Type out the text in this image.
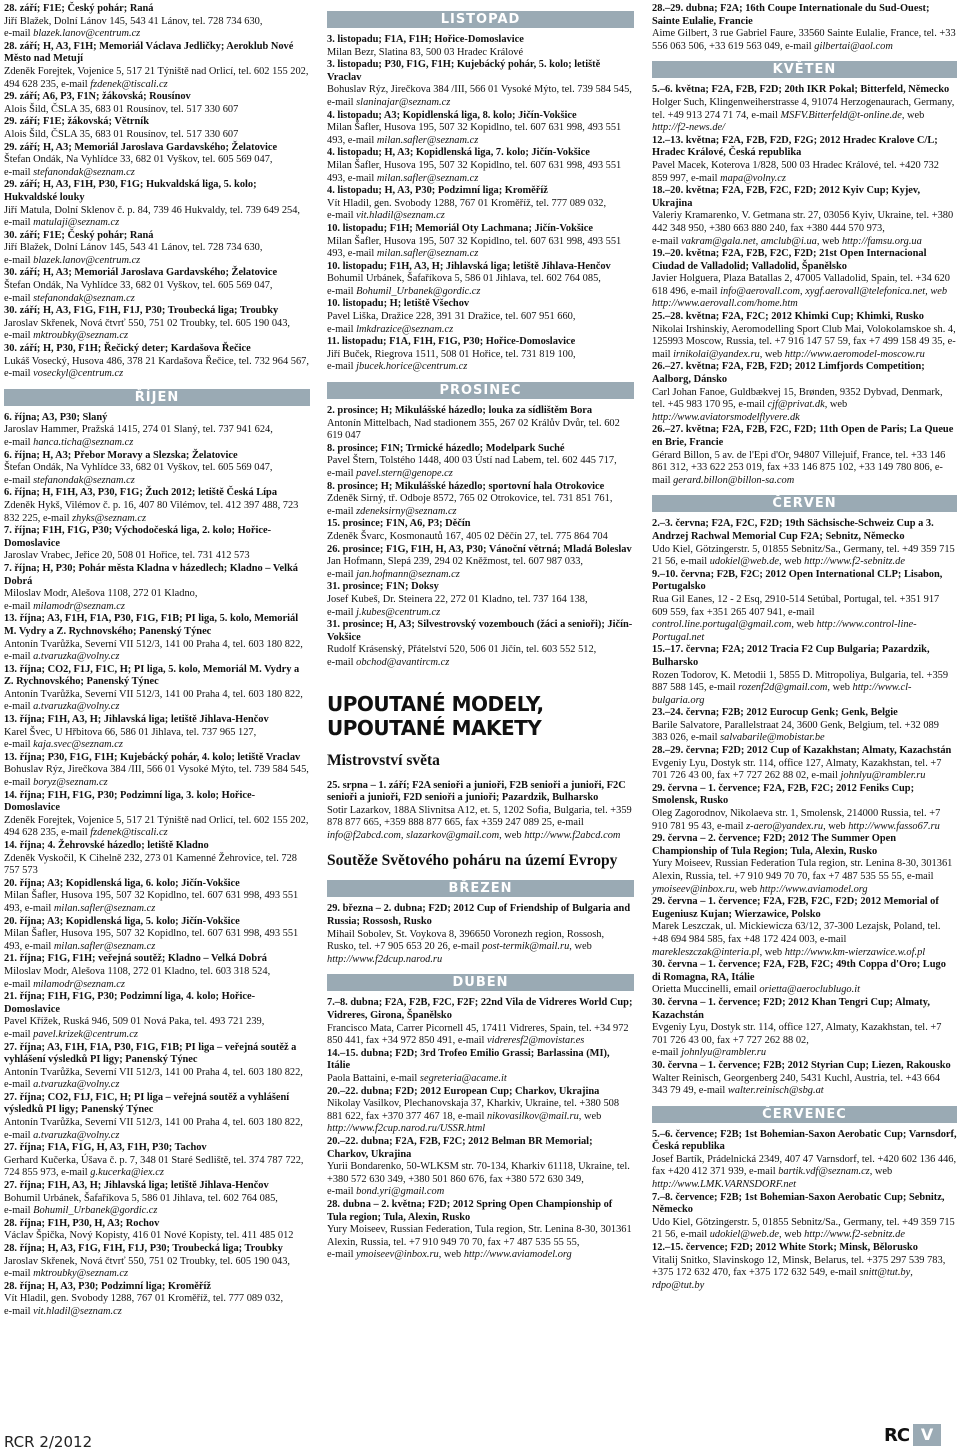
28. září; F1E; Český pohár; Raná
Jiří Blažek, Dolní Lánov 145, 543 41 Lánov, tel. 728 734 630,
e-mail blazek.lanov@centrum.cz
28. září; H, A3, F1H; Memoriál Václava Jedličky; Aeroklub Nové Město nad Metují
Zdeněk Forejtek, Vojenice 5, 517 21 Týniště nad Orlicí, tel. 602 155 202, 494 628 235, e-mail fzdenek@tiscali.cz
29. září; A6, P3, F1N; žákovská; Rousínov
Alois Šild, ČSLA 35, 683 01 Rousínov, tel. 517 330 607
29. září; F1E; žákovská; Větrník
Alois Šild, ČSLA 35, 683 01 Rousínov, tel. 517 330 607
29. září; H, A3; Memoriál Jaroslava Gardavského; Želatovice
Štefan Ondák, Na Vyhlídce 33, 682 01 Vyškov, tel. 605 569 047,
e-mail stefanondak@seznam.cz
29. září; H, A3, F1H, P30, F1G; Hukvaldská liga, 5. kolo; Hukvaldské louky
Jiří Matula, Dolní Sklenov č. p. 84, 739 46 Hukvaldy, tel. 739 649 254,
e-mail matulaji@seznam.cz
30. září; F1E; Český pohár; Raná
Jiří Blažek, Dolní Lánov 145, 543 41 Lánov, tel. 728 734 630,
e-mail blazek.lanov@centrum.cz
30. září; H, A3; Memoriál Jaroslava Gardavského; Želatovice
Štefan Ondák, Na Vyhlídce 33, 682 01 Vyškov, tel. 605 569 047,
e-mail stefanondak@seznam.cz
30. září; H, A3, F1G, F1H, F1J, P30; Troubecká liga; Troubky
Jaroslav Skřenek, Nová čtvrť 550, 751 02 Troubky, tel. 605 190 043,
e-mail mktroubky@seznam.cz
30. září; H, P30, F1H; Řečický deter; Kardašova Řečice
Lukáš Vosecký, Husova 486, 378 21 Kardašova Řečice, tel. 732 964 567,
e-mail voseckyl@centrum.cz
ŘÍJEN
6. října; A3, P30; Slaný
Jaroslav Hammer, Pražská 1415, 274 01 Slaný, tel. 737 941 624,
e-mail hanca.ticha@seznam.cz
6. října; H, A3; Přebor Moravy a Slezska; Želatovice
Štefan Ondák, Na Vyhlídce 33, 682 01 Vyškov, tel. 605 569 047,
e-mail stefanondak@seznam.cz
6. října; H, F1H, A3, P30, F1G; Žuch 2012; letiště Česká Lípa
Zdeněk Hykš, Vilémov č. p. 16, 407 80 Vilémov, tel. 412 397 488, 723 832 225, e-mail zhyks@seznam.cz
7. října; F1H, F1G, P30; Východočeská liga, 2. kolo; Hořice-Domoslavice
Jaroslav Vrabec, Jeřice 20, 508 01 Hořice, tel. 731 412 573
7. října; H, P30; Pohár města Kladna v házedlech; Kladno – Velká Dobrá
Miloslav Modr, Alešova 1108, 272 01 Kladno,
e-mail milamodr@seznam.cz
13. října; A3, F1H, F1A, P30, F1G, F1B; PI liga, 5. kolo, Memoriál M. Vydry a Z. Rychnovského; Panenský Týnec
Antonín Tvarůžka, Severní VII 512/3, 141 00 Praha 4, tel. 603 180 822,
e-mail a.tvaruzka@volny.cz
13. října; CO2, F1J, F1C, H; PI liga, 5. kolo, Memoriál M. Vydry a Z. Rychnovského; Panenský Týnec
Antonín Tvarůžka, Severní VII 512/3, 141 00 Praha 4, tel. 603 180 822,
e-mail a.tvaruzka@volny.cz
13. října; F1H, A3, H; Jihlavská liga; letiště Jihlava-Henčov
Karel Švec, U Hřbitova 66, 586 01 Jihlava, tel. 737 965 127,
e-mail kaja.svec@seznam.cz
13. října; P30, F1G, F1H; Kujebácký pohár, 4. kolo; letiště Vraclav
Bohuslav Rýz, Jirečkova 384 /III, 566 01 Vysoké Mýto, tel. 739 584 545,
e-mail boryz@seznam.cz
14. října; F1H, F1G, P30; Podzimní liga, 3. kolo; Hořice-Domoslavice
Zdeněk Forejtek, Vojenice 5, 517 21 Týniště nad Orlicí, tel. 602 155 202, 494 628 235, e-mail fzdenek@tiscali.cz
14. října; 4. Žehrovské házedlo; letiště Kladno
Zdeněk Vyskočil, K Cihelně 232, 273 01 Kamenné Žehrovice, tel. 728 757 573
20. října; A3; Kopidlenská liga, 6. kolo; Jičín-Vokšice
Milan Šafler, Husova 195, 507 32 Kopidlno, tel. 607 631 998, 493 551 493, e-mail milan.safler@seznam.cz
20. října; A3; Kopidlenská liga, 5. kolo; Jičín-Vokšice
Milan Šafler, Husova 195, 507 32 Kopidlno, tel. 607 631 998, 493 551 493, e-mail milan.safler@seznam.cz
21. října; F1G, F1H; veřejná soutěž; Kladno – Velká Dobrá
Miloslav Modr, Alešova 1108, 272 01 Kladno, tel. 603 318 524,
e-mail milamodr@seznam.cz
21. října; F1H, F1G, P30; Podzimní liga, 4. kolo; Hořice-Domoslavice
Pavel Křížek, Ruská 946, 509 01 Nová Paka, tel. 493 721 239,
e-mail pavel.krizek@centrum.cz
27. října; A3, F1H, F1A, P30, F1G, F1B; PI liga – veřejná soutěž a vyhlášení výsledků PI ligy; Panenský Týnec
Antonín Tvarůžka, Severní VII 512/3, 141 00 Praha 4, tel. 603 180 822,
e-mail a.tvaruzka@volny.cz
27. října; CO2, F1J, F1C, H; PI liga – veřejná soutěž a vyhlášení výsledků PI ligy; Panenský Týnec
Antonín Tvarůžka, Severní VII 512/3, 141 00 Praha 4, tel. 603 180 822,
e-mail a.tvaruzka@volny.cz
27. října; F1A, F1G, H, A3, F1H, P30; Tachov
Gerhard Kučerka, Úšava č. p. 7, 348 01 Staré Sedliště, tel. 374 787 722, 724 855 973, e-mail g.kucerka@iex.cz
27. října; F1H, A3, H; Jihlavská liga; letiště Jihlava-Henčov
Bohumil Urbánek, Šafaříkova 5, 586 01 Jihlava, tel. 602 764 085,
e-mail Bohumil_Urbanek@gordic.cz
28. října; F1H, P30, H, A3; Rochov
Václav Špička, Nový Kopisty, 416 01 Nové Kopisty, tel. 411 485 012
28. října; H, A3, F1G, F1H, F1J, P30; Troubecká liga; Troubky
Jaroslav Skřenek, Nová čtvrť 550, 751 02 Troubky, tel. 605 190 043,
e-mail mktroubky@seznam.cz
28. října; H, A3, P30; Podzimní liga; Kroměříž
Vít Hladil, gen. Svobody 1288, 767 01 Kroměříž, tel. 777 089 032,
e-mail vit.hladil@seznam.cz
LISTOPAD
3. listopadu; F1A, F1H; Hořice-Domoslavice
Milan Bezr, Slatina 83, 500 03 Hradec Králové
3. listopadu; P30, F1G, F1H; Kujebácký pohár, 5. kolo; letiště Vraclav
Bohuslav Rýz, Jirečkova 384 /III, 566 01 Vysoké Mýto, tel. 739 584 545,
e-mail slaninajar@seznam.cz
4. listopadu; A3; Kopidlenská liga, 8. kolo; Jičín-Vokšice
Milan Šafler, Husova 195, 507 32 Kopidlno, tel. 607 631 998, 493 551 493, e-mail milan.safler@seznam.cz
4. listopadu; H, A3; Kopidlenská liga, 7. kolo; Jičín-Vokšice
Milan Šafler, Husova 195, 507 32 Kopidlno, tel. 607 631 998, 493 551 493, e-mail milan.safler@seznam.cz
4. listopadu; H, A3, P30; Podzimní liga; Kroměříž
Vít Hladil, gen. Svobody 1288, 767 01 Kroměříž, tel. 777 089 032,
e-mail vit.hladil@seznam.cz
10. listopadu; F1H; Memoriál Oty Lachmana; Jičín-Vokšice
Milan Šafler, Husova 195, 507 32 Kopidlno, tel. 607 631 998, 493 551 493, e-mail milan.safler@seznam.cz
10. listopadu; F1H, A3, H; Jihlavská liga; letiště Jihlava-Henčov
Bohumil Urbánek, Šafaříkova 5, 586 01 Jihlava, tel. 602 764 085,
e-mail Bohumil_Urbanek@gordic.cz
10. listopadu; H; letiště Všechov
Pavel Liška, Dražice 228, 391 31 Dražice, tel. 607 951 660,
e-mail lmkdrazice@seznam.cz
11. listopadu; F1A, F1H, F1G, P30; Hořice-Domoslavice
Jiří Buček, Riegrova 1511, 508 01 Hořice, tel. 731 819 100,
e-mail jbucek.horice@centrum.cz
PROSINEC
2. prosince; H; Mikulášské házedlo; louka za sídlištěm Bora
Antonín Mittelbach, Nad stadionem 355, 267 02 Králův Dvůr, tel. 602 619 047
8. prosince; F1N; Trmické házedlo; Modelpark Suché
Pavel Štern, Tolstého 1448, 400 03 Ústí nad Labem, tel. 602 445 717,
e-mail pavel.stern@genope.cz
8. prosince; H; Mikulášské házedlo; sportovní hala Otrokovice
Zdeněk Sirný, tř. Odboje 8572, 765 02 Otrokovice, tel. 731 851 761,
e-mail zdeneksirny@seznam.cz
15. prosince; F1N, A6, P3; Děčín
Zdeněk Švarc, Kosmonautů 167, 405 02 Děčín 27, tel. 775 864 704
26. prosince; F1G, F1H, H, A3, P30; Vánoční větrná; Mladá Boleslav
Jan Hofmann, Slepá 239, 294 02 Kněžmost, tel. 607 987 033,
e-mail jan.hofmann@seznam.cz
31. prosince; F1N; Doksy
Josef Kubeš, Dr. Steinera 22, 272 01 Kladno, tel. 737 164 138,
e-mail j.kubes@centrum.cz
31. prosince; H, A3; Silvestrovský vozembouch (žáci a senioři); Jičín-Vokšice
Rudolf Krásenský, Přátelství 520, 506 01 Jičín, tel. 603 552 512,
e-mail obchod@avantircm.cz
UPOUTANÉ MODELY, UPOUTANÉ MAKETY
Mistrovství světa
25. srpna – 1. září; F2A senioři a junioři, F2B senioři a junioři, F2C senioři a junioři, F2D senioři a junioři; Pazardzik, Bulharsko
Sotir Lazarkov, 188A Slivnitsa A12, et. 5, 1202 Sofia, Bulgaria, tel. +359 878 877 665, +359 888 877 665, fax +359 247 089 25, e-mail info@f2abcd.com, slazarkov@gmail.com, web http://www.f2abcd.com
Soutěže Světového poháru na území Evropy
BŘEZEN
29. března – 2. dubna; F2D; 2012 Cup of Friendship of Bulgaria and Russia; Rossosh, Rusko
Mihail Sobolev, St. Voykova 8, 396650 Voronezh region, Rossosh, Rusko, tel. +7 905 653 20 26, e-mail post-termik@mail.ru, web http://www.f2dcup.narod.ru
DUBEN
7.–8. dubna; F2A, F2B, F2C, F2F; 22nd Vila de Vidreres World Cup; Vidreres, Girona, Španělsko
Francisco Mata, Carrer Picornell 45, 17411 Vidreres, Spain, tel. +34 972 850 441, fax +34 972 850 491, e-mail vidreresf2@movistar.es
14.–15. dubna; F2D; 3rd Trofeo Emilio Grassi; Barlassina (MI), Itálie
Paola Battaini, e-mail segreteria@acame.it
20.–22. dubna; F2D; 2012 European Cup; Charkov, Ukrajina
Nikolay Vasilkov, Plechanovskaja 37, Kharkiv, Ukraine, tel. +380 508 881 622, fax +370 377 467 18, e-mail nikovasilkov@mail.ru, web http://www.f2cup.narod.ru/USSR.html
20.–22. dubna; F2A, F2B, F2C; 2012 Belman BR Memorial; Charkov, Ukrajina
Yurii Bondarenko, 50-WLKSM str. 70-134, Kharkiv 61118, Ukraine, tel. +380 572 630 349, +380 501 860 676, fax +380 572 630 349,
e-mail bond.yri@gmail.com
28. dubna – 2. května; F2D; 2012 Spring Open Championship of Tula region; Tula, Alexin, Rusko
Yury Moiseev, Russian Federation, Tula region, Str. Lenina 8-30, 301361 Alexin, Russia, tel. +7 910 949 70 70, fax +7 487 535 55 55,
e-mail ymoiseev@inbox.ru, web http://www.aviamodel.org
28.–29. dubna; F2A; 16th Coupe Internationale du Sud-Ouest; Sainte Eulalie, Francie
Aime Gilbert, 3 rue Gabriel Faure, 33560 Sainte Eulalie, France, tel. +33 556 063 506, +33 619 563 049, e-mail gilbertai@aol.com
KVĚTEN
5.–6. května; F2A, F2B, F2D; 20th IKR Pokal; Bitterfeld, Německo
Holger Such, Klingenweiherstrasse 4, 91074 Herzogenaurach, Germany, tel. +49 913 274 71 74, e-mail MSFV.Bitterfeld@t-online.de, web http://f2-news.de/
12.–13. května; F2A, F2B, F2D, F2G; 2012 Hradec Kralove C/L; Hradec Králové, Česká republika
Pavel Macek, Koterova 1/828, 500 03 Hradec Králové, tel. +420 732 859 997, e-mail mapa@volny.cz
18.–20. května; F2A, F2B, F2C, F2D; 2012 Kyiv Cup; Kyjev, Ukrajina
Valeriy Kramarenko, V. Getmana str. 27, 03056 Kyiv, Ukraine, tel. +380 442 348 950, +380 663 880 240, fax +380 444 570 973,
e-mail vakram@gala.net, amclub@i.ua, web http://famsu.org.ua
19.–20. května; F2A, F2B, F2C, F2D; 21st Open Internacional Ciudad de Valladolid; Valladolid, Španělsko
Javier Holguera, Plaza Batallas 2, 47005 Valladolid, Spain, tel. +34 620 618 496, e-mail info@aerovall.com, xygf.aerovall@telefonica.net, web http://www.aerovall.com/home.htm
25.–28. května; F2A, F2C; 2012 Khimki Cup; Khimki, Rusko
Nikolai Irshinskiy, Aeromodelling Sport Club Mai, Volokolamskoe sh. 4, 125993 Moscow, Russia, tel. +7 916 147 57 59, fax +7 499 158 49 35, e-mail irnikolai@yandex.ru, web http://www.aeromodel-moscow.ru
26.–27. května; F2A, F2B, F2D; 2012 Limfjords Competition; Aalborg, Dánsko
Carl Johan Fanoe, Guldbækvej 15, Brønden, 9352 Dybvad, Denmark, tel. +45 983 170 95, e-mail cjf@privat.dk, web http://www.aviatorsmodelflyvere.dk
26.–27. května; F2A, F2B, F2C, F2D; 11th Open de Paris; La Queue en Brie, Francie
Gérard Billon, 5 av. de l'Epi d'Or, 94807 Villejuif, France, tel. +33 146 861 312, +33 622 253 019, fax +33 146 875 102, +33 149 780 806, e-mail gerard.billon@billon-sa.com
ČERVEN
2.–3. června; F2A, F2C, F2D; 19th Sächsische-Schweiz Cup a 3. Andrzej Rachwal Memorial Cup F2A; Sebnitz, Německo
Udo Kiel, Götzingerstr. 5, 01855 Sebnitz/Sa., Germany, tel. +49 359 715 21 56, e-mail udokiel@web.de, web http://www.f2-sebnitz.de
9.–10. června; F2B, F2C; 2012 Open International CLP; Lisabon, Portugalsko
Rua Gil Eanes, 12 - 2 Esq, 2910-514 Setúbal, Portugal, tel. +351 917 609 559, fax +351 265 407 941, e-mail control.line.portugal@gmail.com, web http://www.control-line-Portugal.net
15.–17. června; F2A; 2012 Tracia F2 Cup Bulgaria; Pazardzik, Bulharsko
Rozen Todorov, K. Metodii 1, 5855 D. Mitropoliya, Bulgaria, tel. +359 887 588 145, e-mail rozenf2d@gmail.com, web http://www.cl-bulgaria.org
23.–24. června; F2B; 2012 Eurocup Genk; Genk, Belgie
Barile Salvatore, Parallelstraat 24, 3600 Genk, Belgium, tel. +32 089 383 026, e-mail salvabarile@mobistar.be
28.–29. června; F2D; 2012 Cup of Kazakhstan; Almaty, Kazachstán
Evgeniy Lyu, Dostyk str. 114, office 127, Almaty, Kazakhstan, tel. +7 701 726 43 00, fax +7 727 262 88 02, e-mail johnlyu@rambler.ru
29. června – 1. července; F2A, F2B, F2C; 2012 Feniks Cup; Smolensk, Rusko
Oleg Zagorodnov, Nikolaeva str. 1, Smolensk, 214000 Russia, tel. +7 910 781 95 43, e-mail z-aero@yandex.ru, web http://www.fasso67.ru
29. června – 2. července; F2D; 2012 The Summer Open Championship of Tula Region; Tula, Alexin, Rusko
Yury Moiseev, Russian Federation Tula region, str. Lenina 8-30, 301361 Alexin, Russia, tel. +7 910 949 70 70, fax +7 487 535 55 55, e-mail ymoiseev@inbox.ru, web http://www.aviamodel.org
29. června – 1. července; F2A, F2B, F2C, F2D; 2012 Memorial of Eugeniusz Kujan; Wierzawice, Polsko
Marek Leszczak, ul. Mickiewicza 63/12, 37-300 Lezajsk, Poland, tel. +48 694 984 585, fax +48 172 424 003, e-mail marekleszczak@interia.pl, web http://www.km-wierzawice.w.of.pl
30. června – 1. července; F2A, F2B, F2C; 49th Coppa d'Oro; Lugo di Romagna, RA, Itálie
Orietta Muccinelli, email orietta@aeroclublugo.it
30. června – 1. července; F2D; 2012 Khan Tengri Cup; Almaty, Kazachstán
Evgeniy Lyu, Dostyk str. 114, office 127, Almaty, Kazakhstan, tel. +7 701 726 43 00, fax +7 727 262 88 02,
e-mail johnlyu@rambler.ru
30. června – 1. července; F2B; 2012 Styrian Cup; Liezen, Rakousko
Walter Reinisch, Georgenberg 240, 5431 Kuchl, Austria, tel. +43 664 343 79 49, e-mail walter.reinisch@sbg.at
ČERVENEC
5.–6. července; F2B; 1st Bohemian-Saxon Aerobatic Cup; Varnsdorf, Česká republika
Josef Bartík, Prádelnická 2349, 407 47 Varnsdorf, tel. +420 602 136 446, fax +420 412 371 939, e-mail bartik.vdf@seznam.cz, web http://www.LMK.VARNSDORF.net
7.–8. července; F2B; 1st Bohemian-Saxon Aerobatic Cup; Sebnitz, Německo
Udo Kiel, Götzingerstr. 5, 01855 Sebnitz/Sa., Germany, tel. +49 359 715 21 56, e-mail udokiel@web.de, web http://www.f2-sebnitz.de
12.–15. července; F2D; 2012 White Stork; Minsk, Bělorusko
Vitalij Snitko, Slavinskogo 12, Minsk, Belarus, tel. +375 297 539 783, +375 172 632 470, fax +375 172 632 549, e-mail snitt@tut.by, rdpo@tut.by
RCR 2/2012	RC V
